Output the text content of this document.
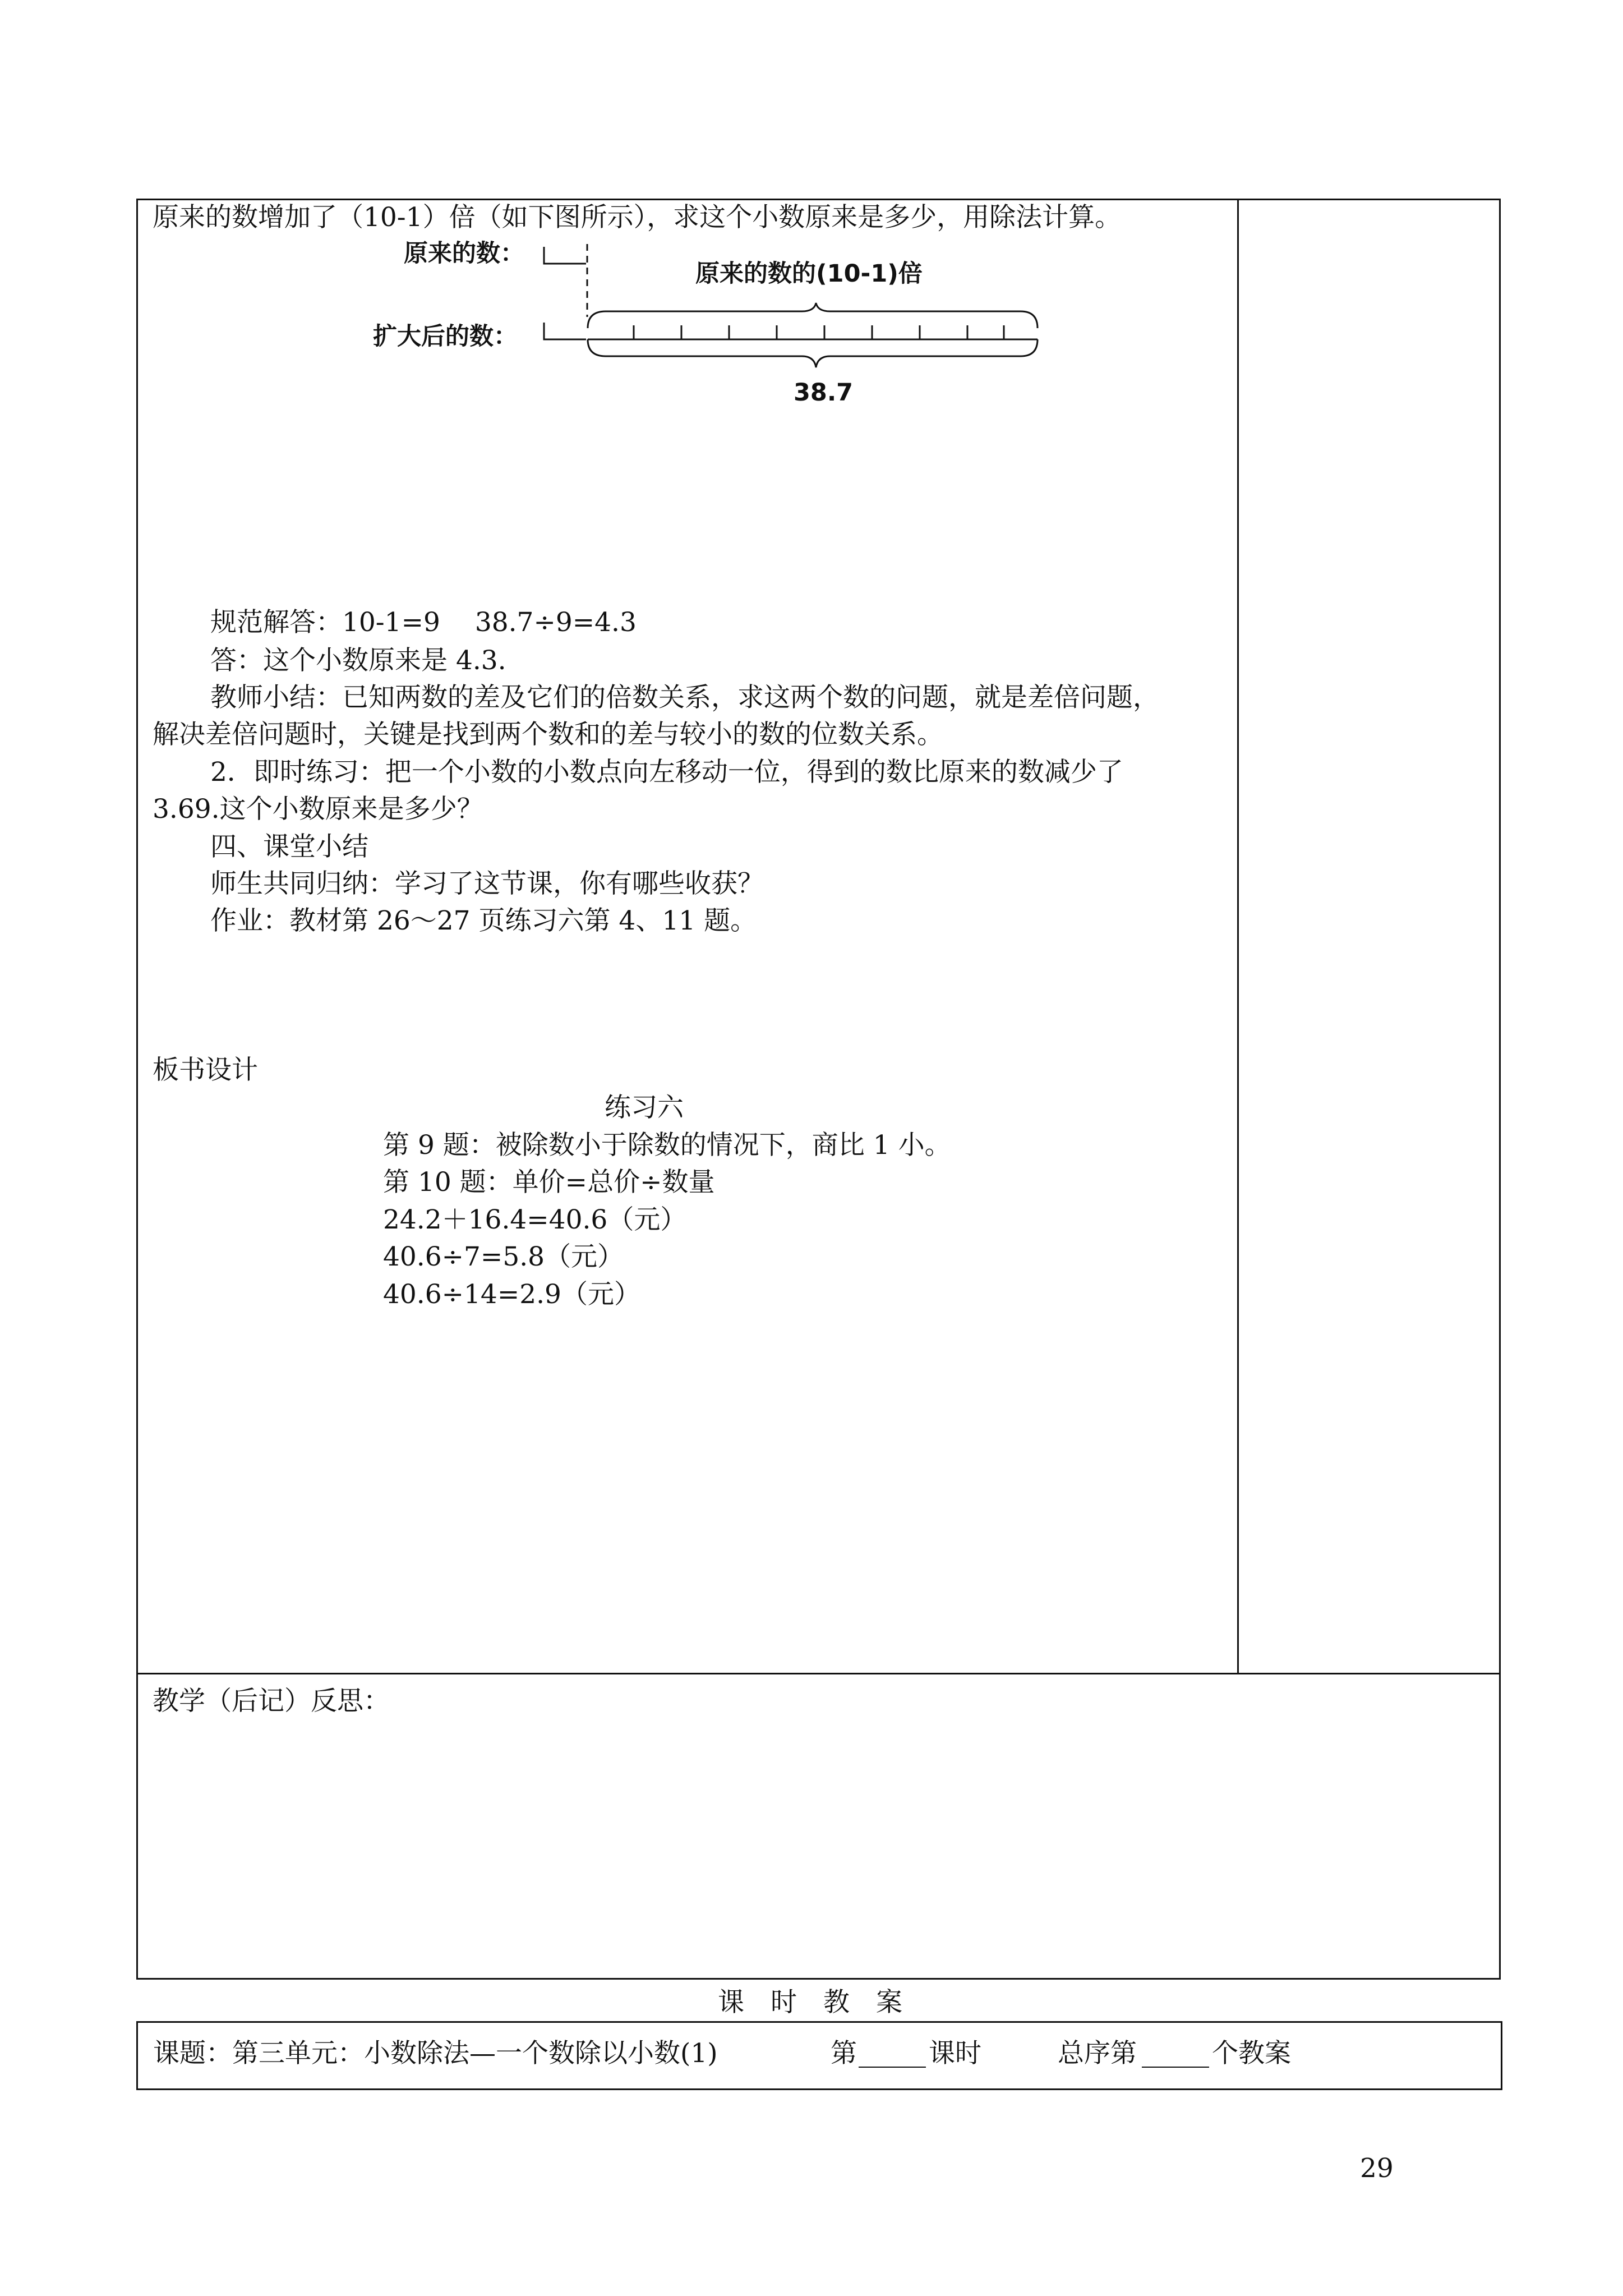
原来的数增加了（10-1）倍（如下图所示），求这个小数原来是多少，用除法计算。
原来的数：
扩大后的数：
原来的数的(10-1)倍
38.7
规范解答：10-1=9　 38.7÷9=4.3
答：这个小数原来是 4.3.
教师小结：已知两数的差及它们的倍数关系，求这两个数的问题，就是差倍问题，
解决差倍问题时，关键是找到两个数和的差与较小的数的位数关系。
2．即时练习：把一个小数的小数点向左移动一位，得到的数比原来的数减少了
3.69.这个小数原来是多少？
四、课堂小结
师生共同归纳：学习了这节课，你有哪些收获？
作业：教材第 26～27 页练习六第 4、11 题。
板书设计
练习六
第 9 题：被除数小于除数的情况下，商比 1 小。
第 10 题：单价=总价÷数量
24.2＋16.4=40.6（元）
40.6÷7=5.8（元）
40.6÷14=2.9（元）
教学（后记）反思：
课　时　教　案
课题：第三单元：小数除法—一个数除以小数(1)	第	课时	总序第	个教案
29
